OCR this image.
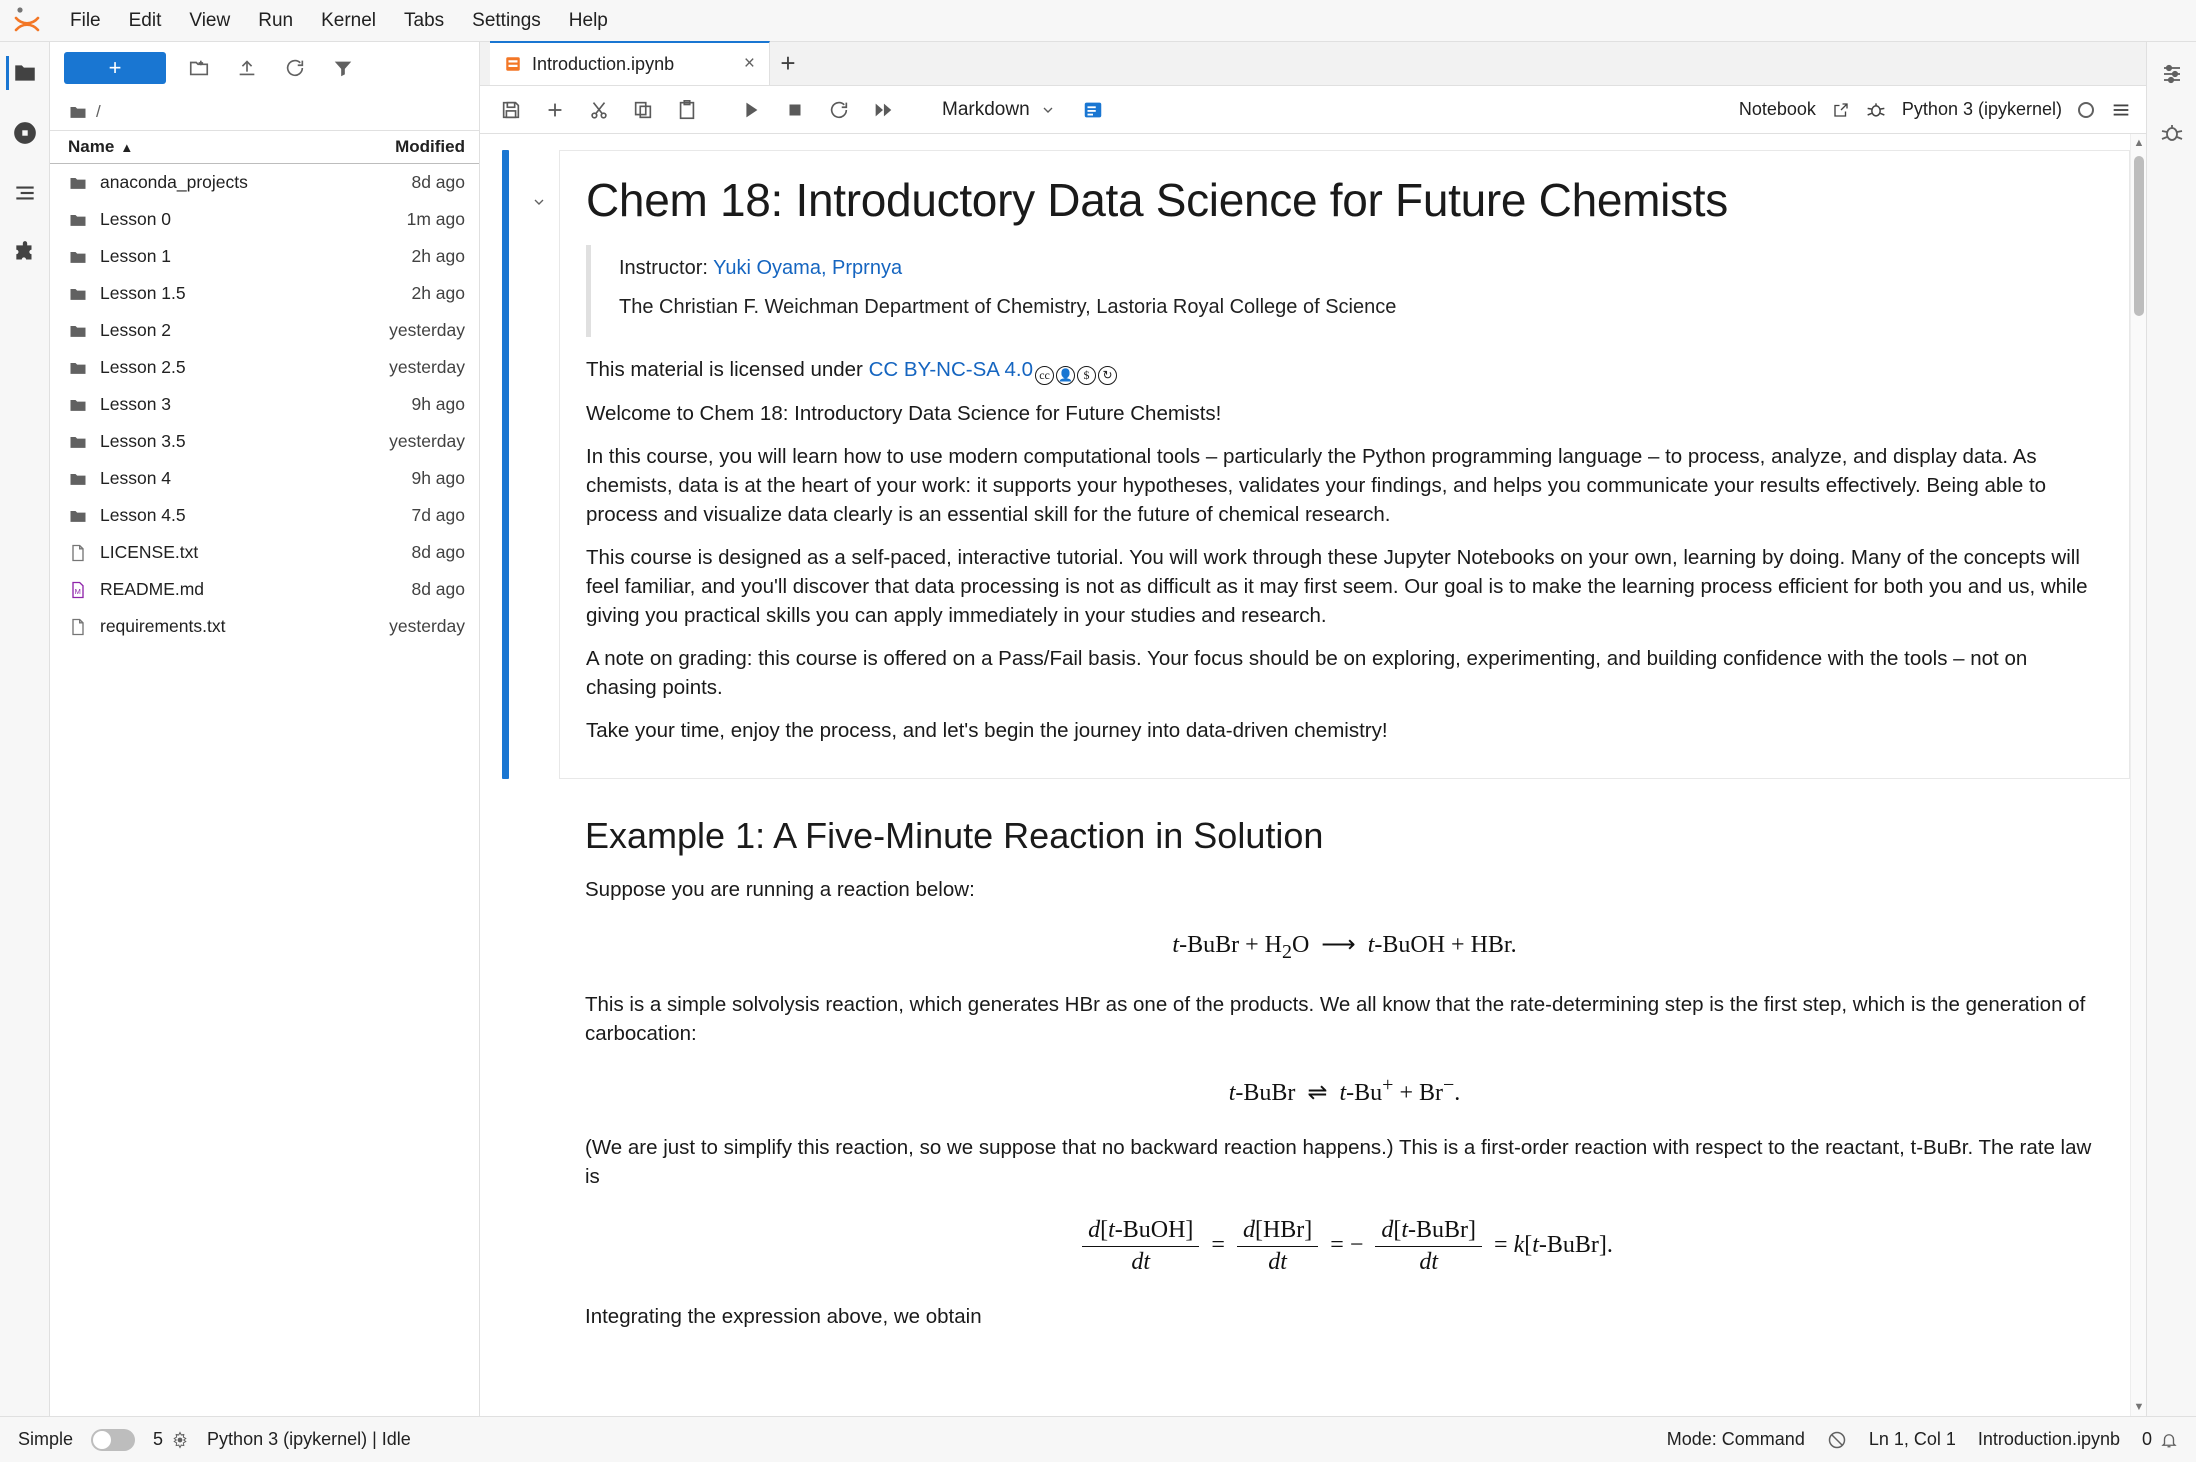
File	Edit	View	Run	Kernel	Tabs	Settings	Help
+
/
Name ▲	Modified
anaconda_projects	8d ago
Lesson 0	1m ago
Lesson 1	2h ago
Lesson 1.5	2h ago
Lesson 2	yesterday
Lesson 2.5	yesterday
Lesson 3	9h ago
Lesson 3.5	yesterday
Lesson 4	9h ago
Lesson 4.5	7d ago
LICENSE.txt	8d ago
M	README.md	8d ago
requirements.txt	yesterday
Introduction.ipynb	× +
Markdown	Notebook	Python 3 (ipykernel)
Chem 18: Introductory Data Science for Future Chemists

Instructor: Yuki Oyama, Prprnya

The Christian F. Weichman Department of Chemistry, Lastoria Royal College of Science

This material is licensed under CC BY-NC-SA 4.0 cc 👤 $	↻

Welcome to Chem 18: Introductory Data Science for Future Chemists!

In this course, you will learn how to use modern computational tools – particularly the Python programming language – to process, analyze, and display data. As chemists, data is at the heart of your work: it supports your hypotheses, validates your findings, and helps you communicate your results effectively. Being able to process and visualize data clearly is an essential skill for the future of chemical research.

This course is designed as a self-paced, interactive tutorial. You will work through these Jupyter Notebooks on your own, learning by doing. Many of the concepts will feel familiar, and you'll discover that data processing is not as difficult as it may first seem. Our goal is to make the learning process efficient for both you and us, while giving you practical skills you can apply immediately in your studies and research.

A note on grading: this course is offered on a Pass/Fail basis. Your focus should be on exploring, experimenting, and building confidence with the tools – not on chasing points.

Take your time, enjoy the process, and let's begin the journey into data-driven chemistry!

Example 1: A Five-Minute Reaction in Solution

Suppose you are running a reaction below:

t-BuBr + $H_2O$  ⟶  t-BuOH + HBr.

This is a simple solvolysis reaction, which generates HBr as one of the products. We all know that the rate-determining step is the first step, which is the generation of carbocation:

t-BuBr  ⇌  t-Bu+ + Br−.

(We are just to simplify this reaction, so we suppose that no backward reaction happens.) This is a first-order reaction with respect to the reactant, t-BuBr. The rate law is

$\frac{\text{d[t-BuOH]}}{dt} = \frac{\text{d[HBr]}}{dt}$ = − $\frac{\text{d[t-BuBr]}}{dt}$ = k[t-BuBr].

Integrating the expression above, we obtain

▲
▼
Simple	5 Python 3 (ipykernel) | Idle	Mode: Command	Ln 1, Col 1 Introduction.ipynb 0
